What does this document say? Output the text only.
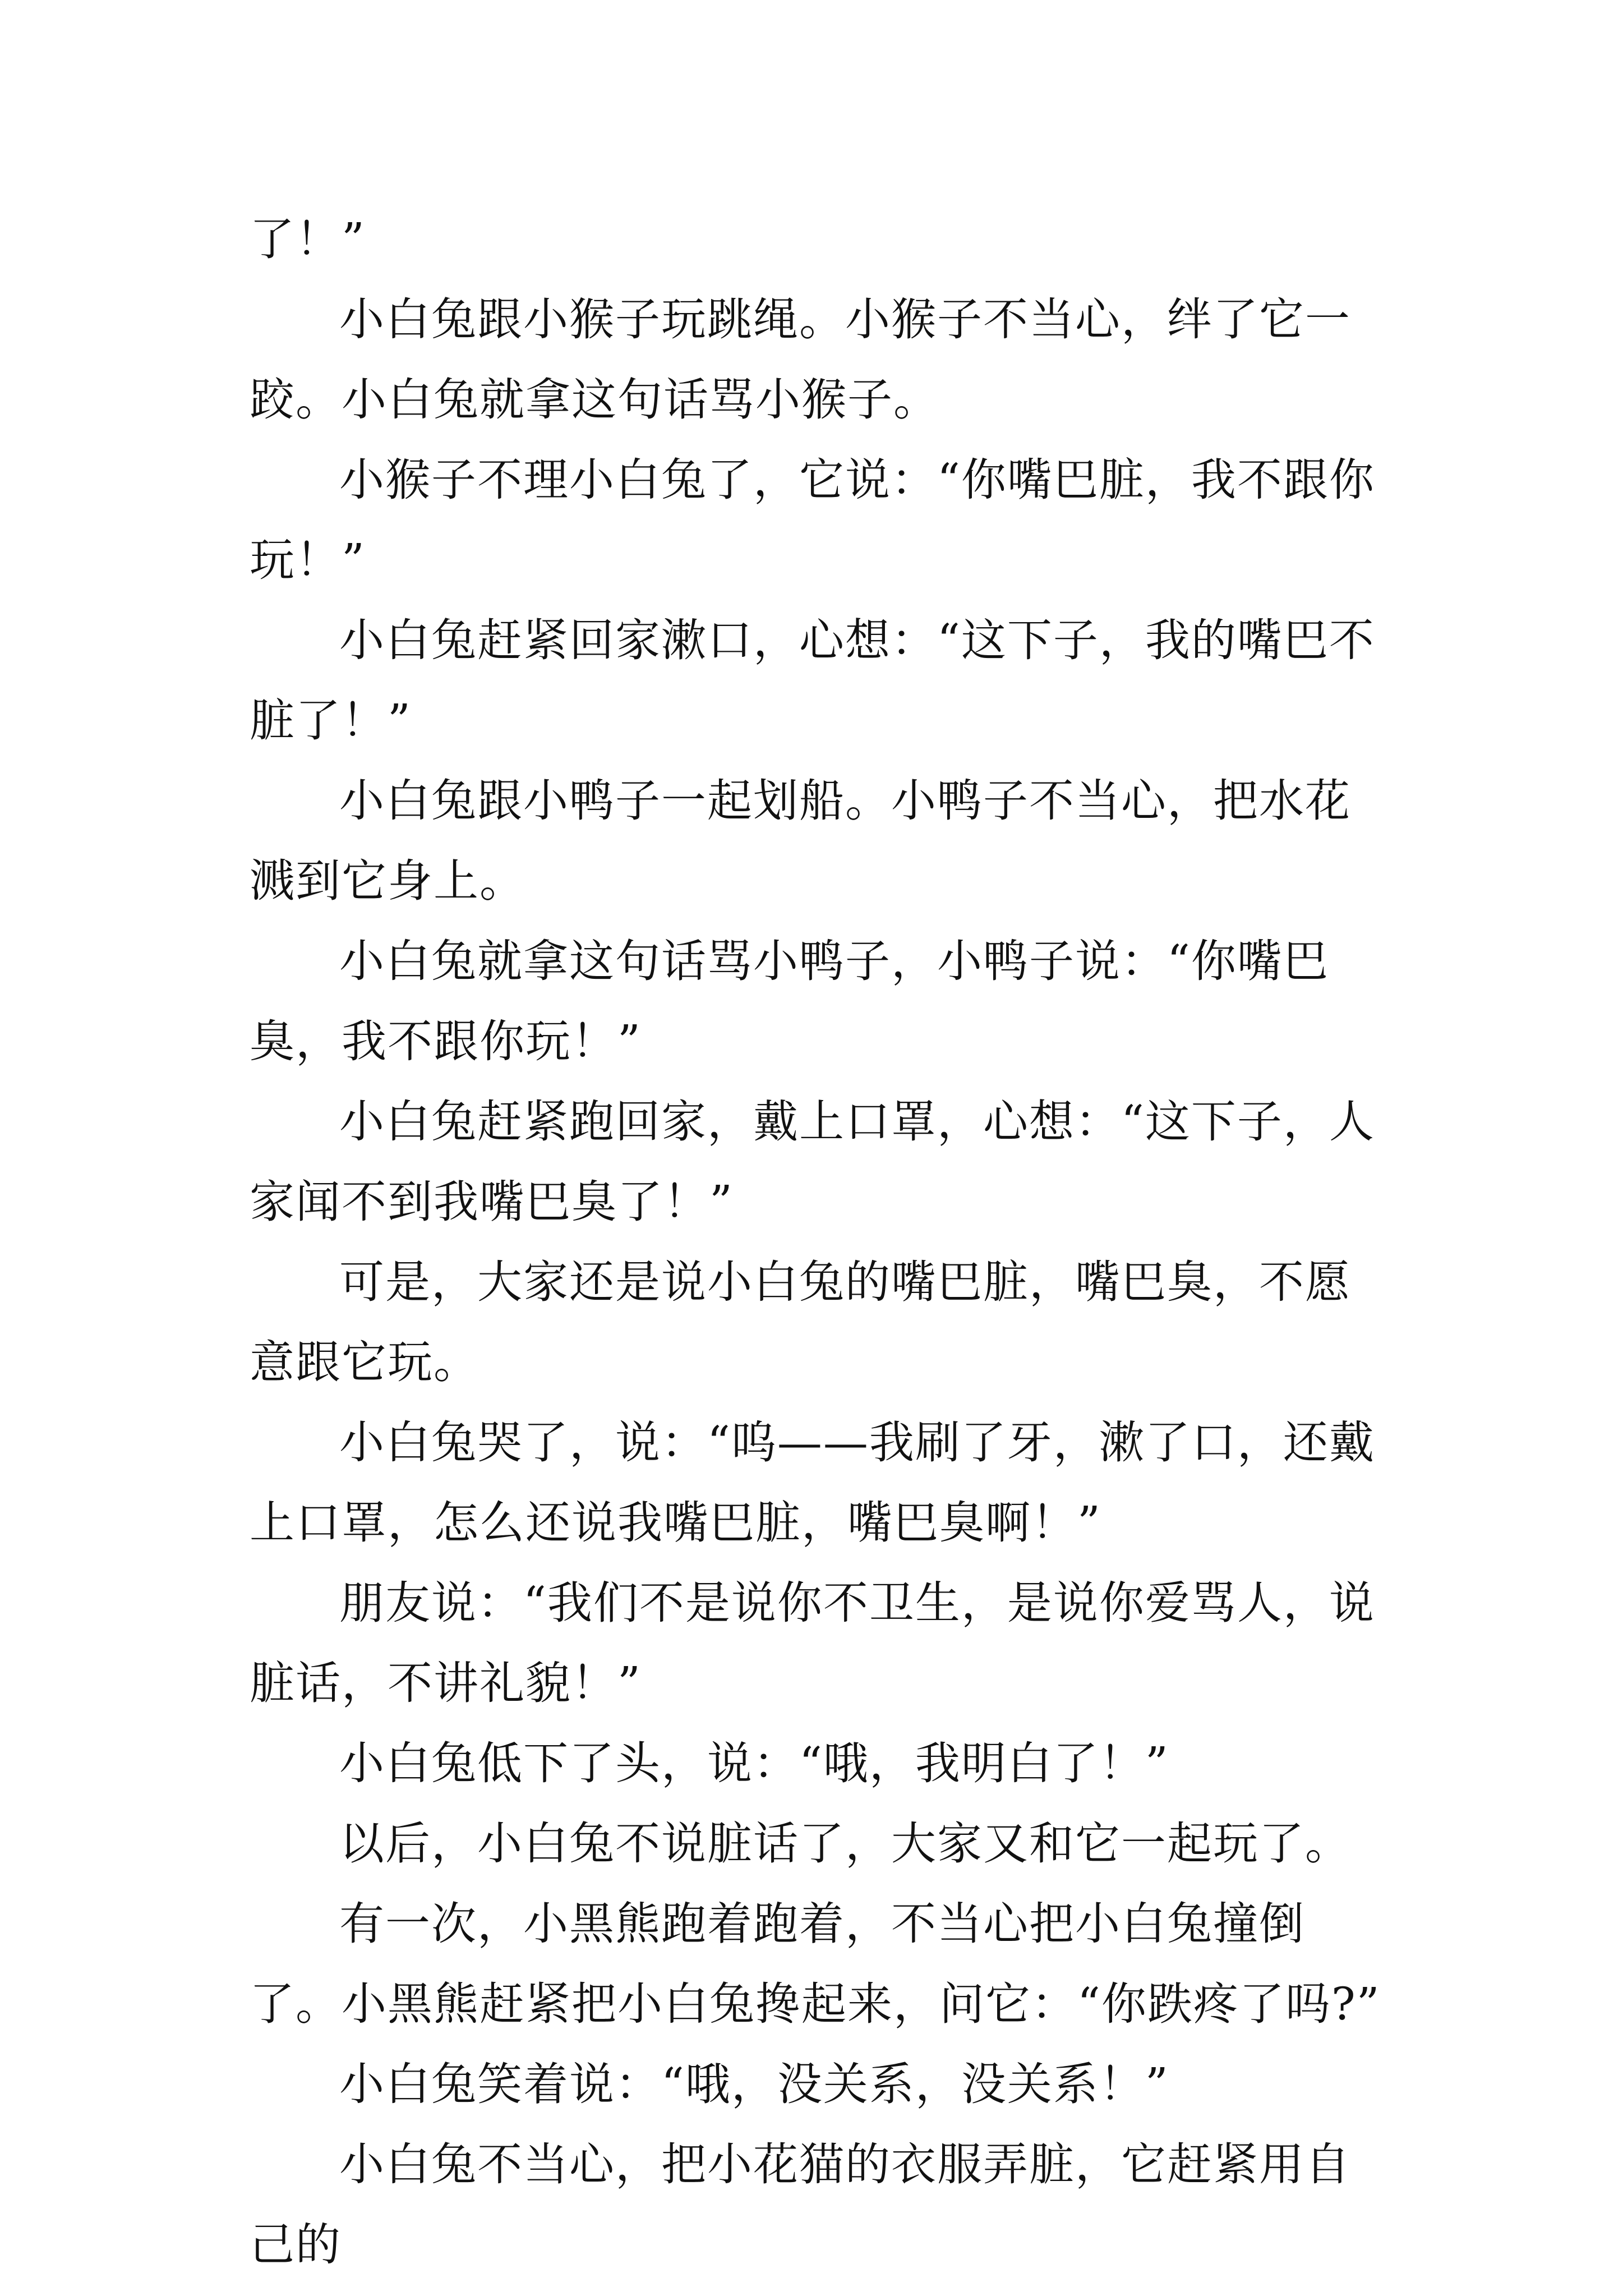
了！”

小白兔跟小猴子玩跳绳。小猴子不当心，绊了它一跤。小白兔就拿这句话骂小猴子。

小猴子不理小白兔了，它说：“你嘴巴脏，我不跟你玩！”

小白兔赶紧回家漱口，心想：“这下子，我的嘴巴不脏了！”

小白兔跟小鸭子一起划船。小鸭子不当心，把水花溅到它身上。

小白兔就拿这句话骂小鸭子，小鸭子说：“你嘴巴臭，我不跟你玩！”

小白兔赶紧跑回家，戴上口罩，心想：“这下子，人家闻不到我嘴巴臭了！”

可是，大家还是说小白兔的嘴巴脏，嘴巴臭，不愿意跟它玩。

小白兔哭了，说：“呜——我刷了牙，漱了口，还戴上口罩，怎么还说我嘴巴脏，嘴巴臭啊！”

朋友说：“我们不是说你不卫生，是说你爱骂人，说脏话，不讲礼貌！”

小白兔低下了头，说：“哦，我明白了！”

以后，小白兔不说脏话了，大家又和它一起玩了。

有一次，小黑熊跑着跑着，不当心把小白兔撞倒了。小黑熊赶紧把小白兔搀起来，问它：“你跌疼了吗?”

小白兔笑着说：“哦，没关系，没关系！”

小白兔不当心，把小花猫的衣服弄脏，它赶紧用自己的
